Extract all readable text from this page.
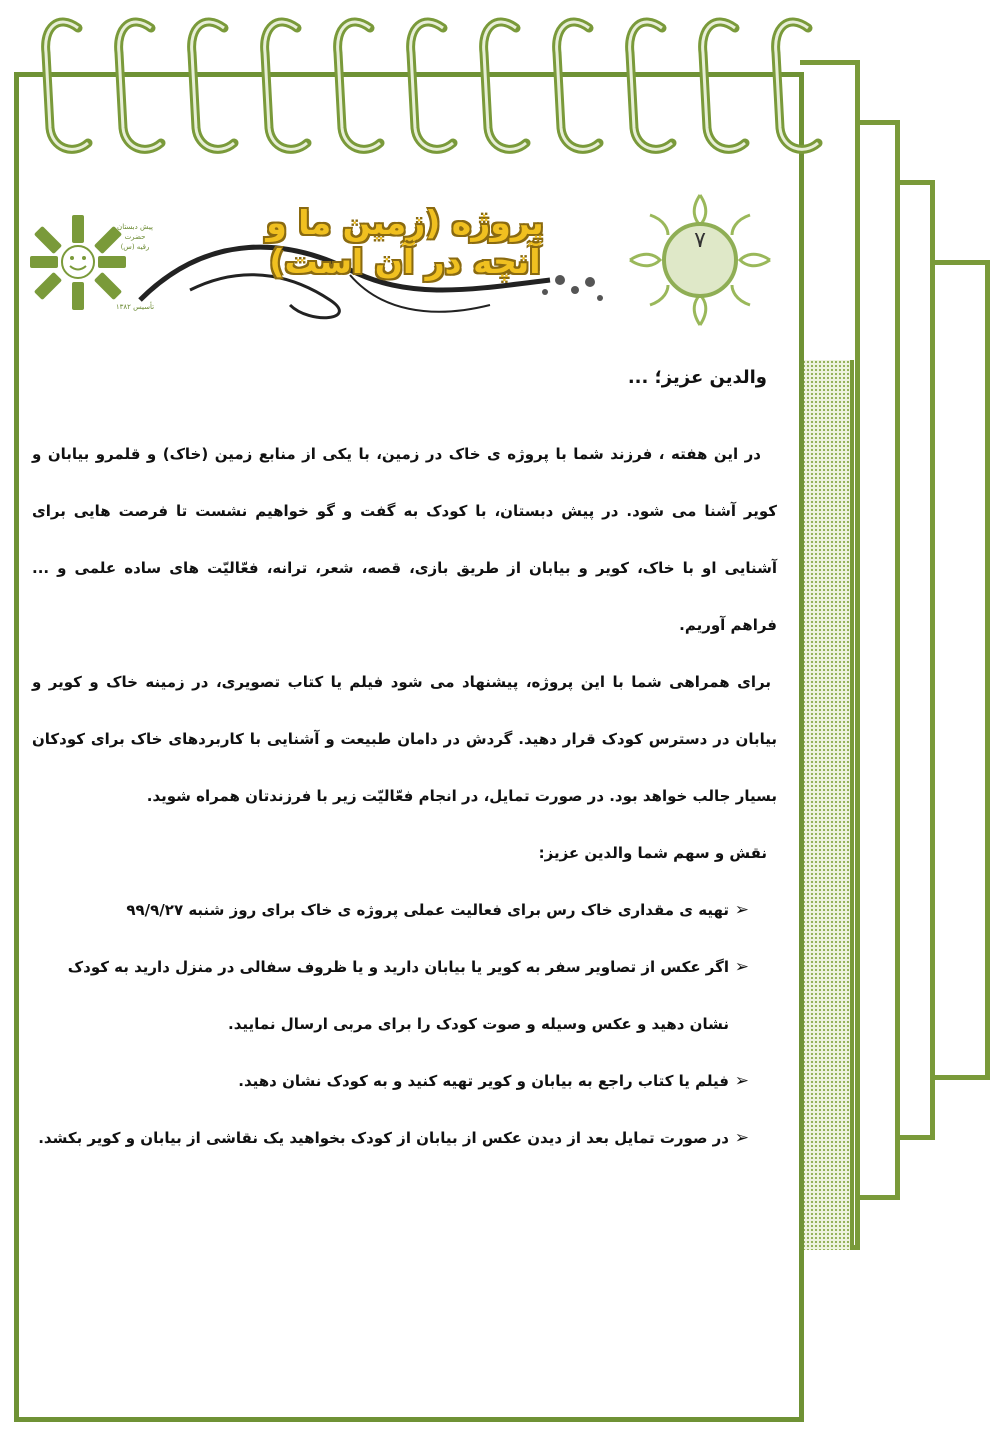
پیش دبستان
حضرت
رقیه (س)
تأسیس ۱۳۸۲
پروژه (زمین ما و آنچه در آن است)
۷
والدین عزیز؛ ...

در این هفته ، فرزند شما با پروژه ی خاک در زمین، با یکی از منابع زمین (خاک) و قلمرو بیابان و کویر آشنا می شود. در پیش دبستان، با کودک به گفت و گو خواهیم نشست تا فرصت هایی برای آشنایی او با خاک، کویر و بیابان از طریق بازی، قصه، شعر، ترانه، فعّالیّت های ساده علمی و ... فراهم آوریم.

برای همراهی شما با این پروژه، پیشنهاد می شود فیلم یا کتاب تصویری، در زمینه خاک و کویر و بیابان در دسترس کودک قرار دهید. گردش در دامان طبیعت و آشنایی با کاربردهای خاک برای کودکان بسیار جالب خواهد بود. در صورت تمایل، در انجام فعّالیّت زیر با فرزندتان همراه شوید.

نقش و سهم شما والدین عزیز:
➢
تهیه ی مقداری خاک رس برای فعالیت عملی پروژه ی خاک برای روز شنبه ۹۹/۹/۲۷
➢
اگر عکس از تصاویر سفر به کویر یا بیابان دارید و یا ظروف سفالی در منزل دارید به کودک نشان دهید و عکس وسیله و صوت کودک را برای مربی ارسال نمایید.
➢
فیلم یا کتاب راجع به بیابان و کویر تهیه کنید و به کودک نشان دهید.
➢
در صورت تمایل بعد از دیدن عکس از بیابان از کودک بخواهید یک نقاشی از بیابان و کویر بکشد.
